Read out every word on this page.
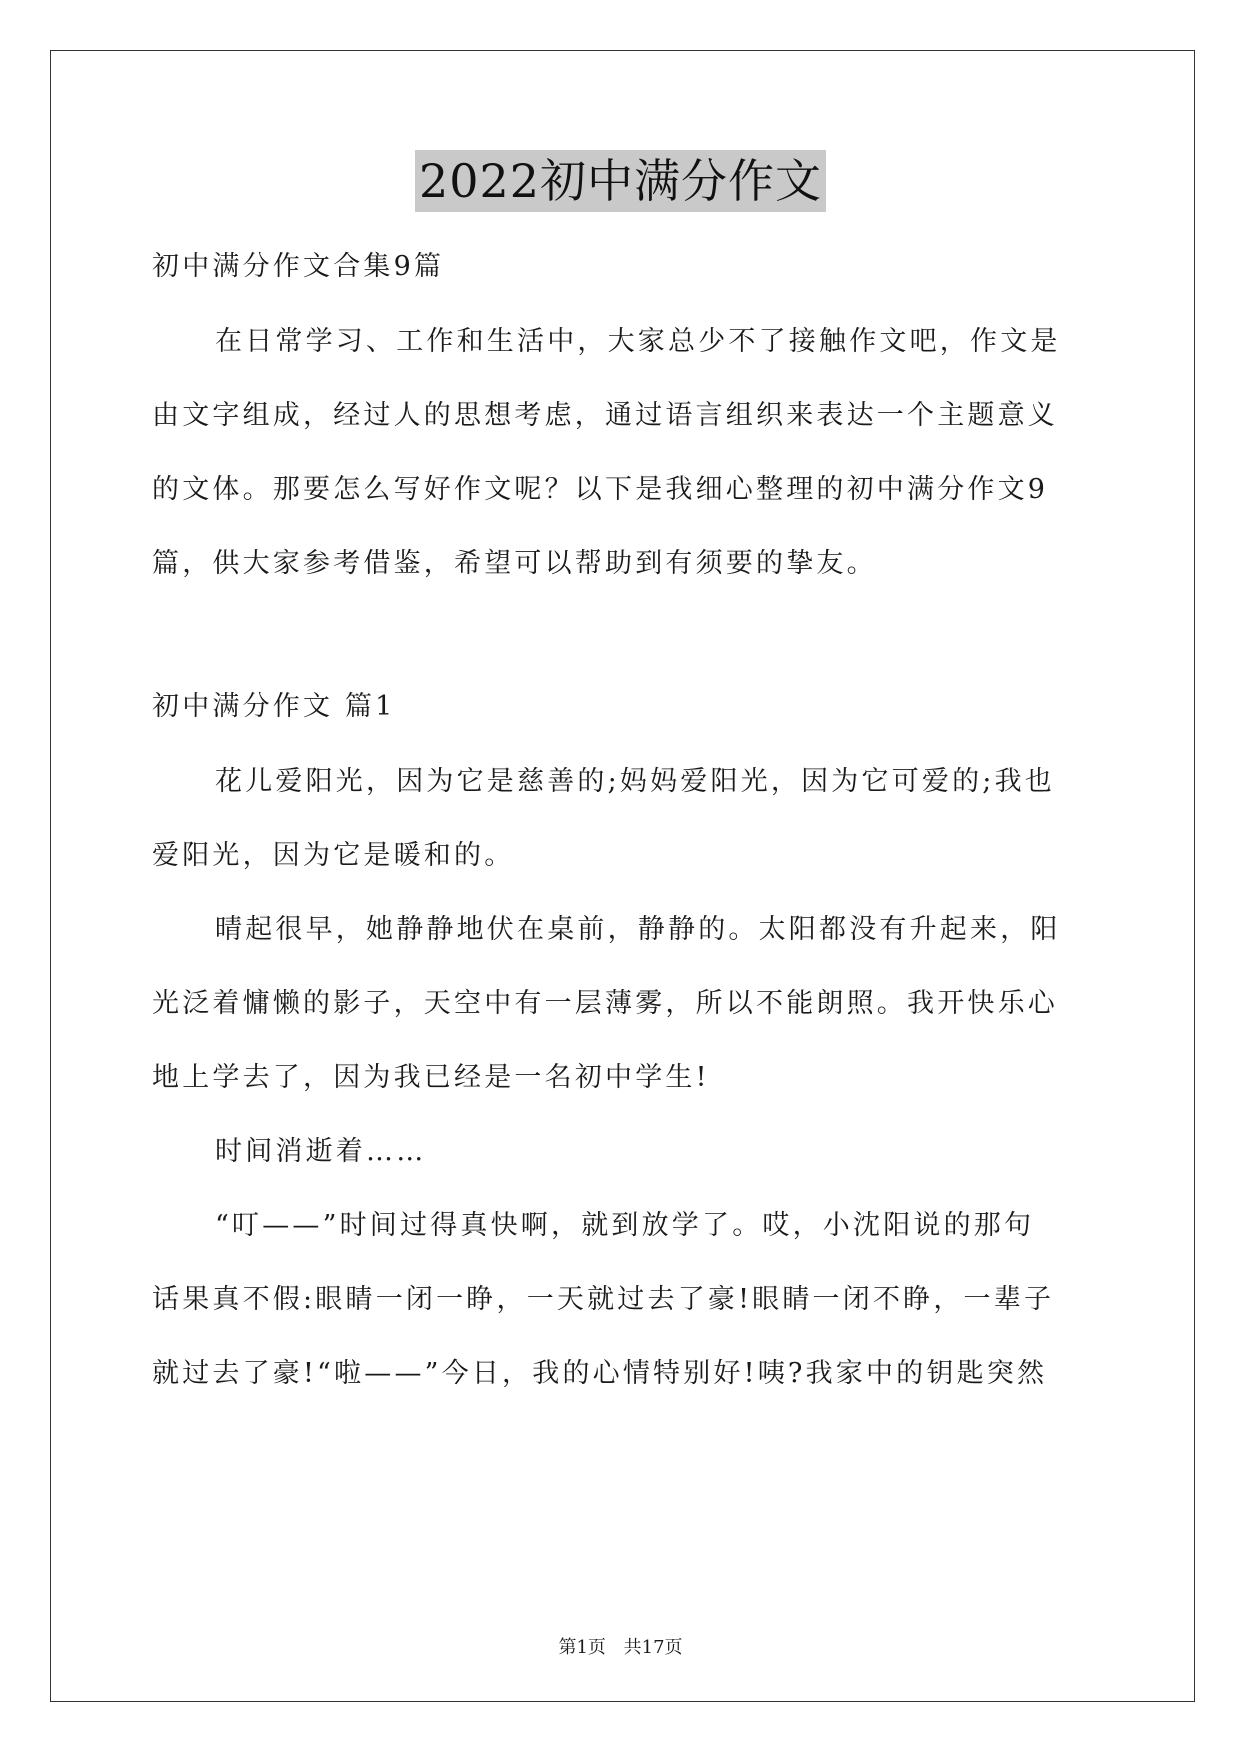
2022初中满分作文
初中满分作文合集9篇
在日常学习、工作和生活中，大家总少不了接触作文吧，作文是
由文字组成，经过人的思想考虑，通过语言组织来表达一个主题意义
的文体。那要怎么写好作文呢？以下是我细心整理的初中满分作文9
篇，供大家参考借鉴，希望可以帮助到有须要的挚友。
初中满分作文 篇1
花儿爱阳光，因为它是慈善的;妈妈爱阳光，因为它可爱的;我也
爱阳光，因为它是暖和的。
晴起很早，她静静地伏在桌前，静静的。太阳都没有升起来，阳
光泛着慵懒的影子，天空中有一层薄雾，所以不能朗照。我开快乐心
地上学去了，因为我已经是一名初中学生!
时间消逝着……
“叮——”时间过得真快啊，就到放学了。哎，小沈阳说的那句
话果真不假:眼睛一闭一睁，一天就过去了豪!眼睛一闭不睁，一辈子
就过去了豪!“啦——”今日，我的心情特别好!咦?我家中的钥匙突然
第1页 共17页
